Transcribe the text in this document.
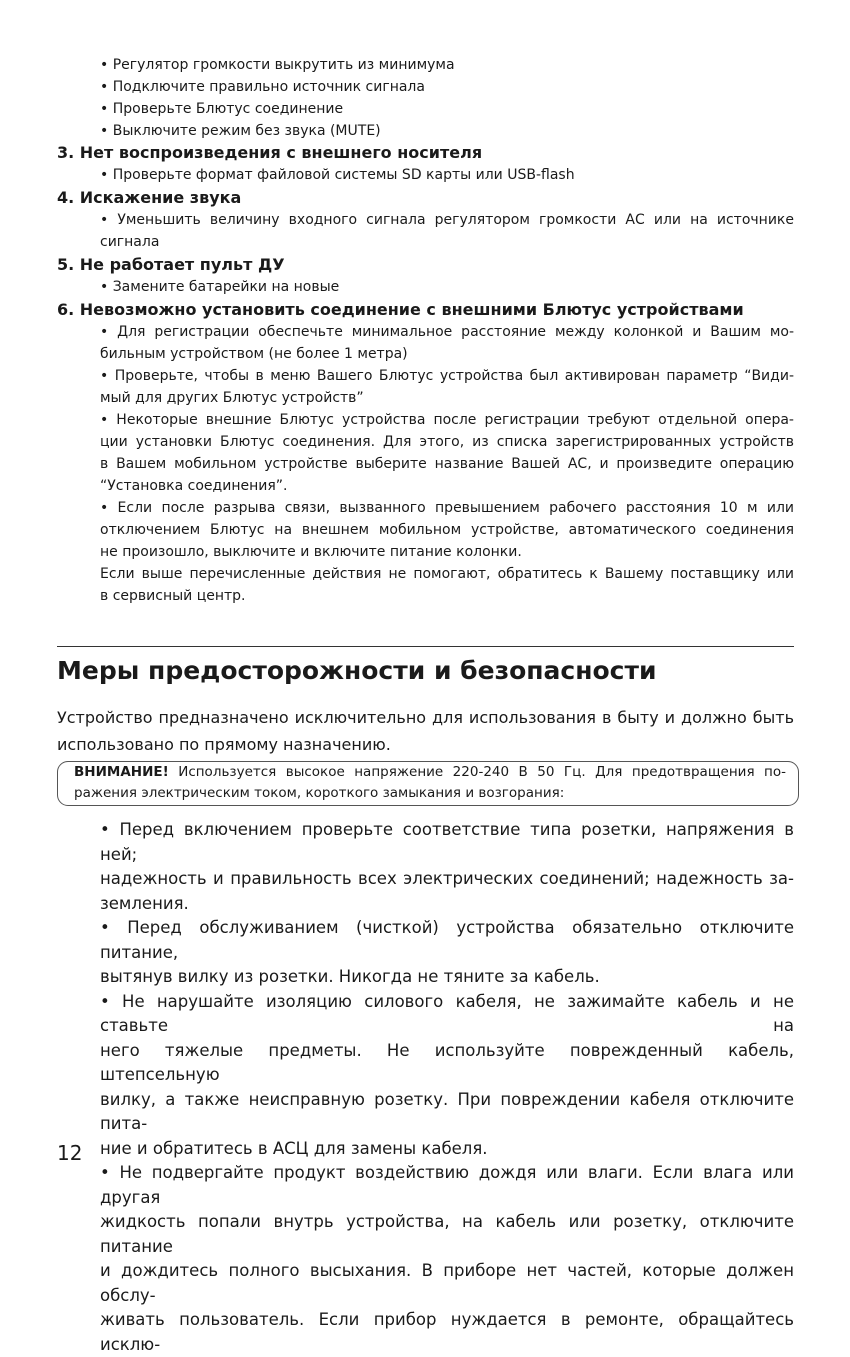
• Регулятор громкости выкрутить из минимума

• Подключите правильно источник сигнала

• Проверьте Блютус соединение

• Выключите режим без звука (MUTE)

3. Нет воспроизведения с внешнего носителя

• Проверьте формат файловой системы SD карты или USB-flash

4. Искажение звука

• Уменьшить величину входного сигнала регулятором громкости АС или на источнике

сигнала

5. Не работает пульт ДУ

• Замените батарейки на новые

6. Невозможно установить соединение с внешними Блютус устройствами

• Для регистрации обеспечьте минимальное расстояние между колонкой и Вашим мо-

бильным устройством (не более 1 метра)

• Проверьте, чтобы в меню Вашего Блютус устройства был активирован параметр “Види-

мый для других Блютус устройств”

• Некоторые внешние Блютус устройства после регистрации требуют отдельной опера-

ции установки Блютус соединения. Для этого, из списка зарегистрированных устройств

в Вашем мобильном устройстве выберите название Вашей АС, и произведите операцию

“Установка соединения”.

• Если после разрыва связи, вызванного превышением рабочего расстояния 10 м или

отключением Блютус на внешнем мобильном устройстве, автоматического соединения

не произошло, выключите и включите питание колонки.

Если выше перечисленные действия не помогают, обратитесь к Вашему поставщику или

в сервисный центр.

Меры предосторожности и безопасности
Устройство предназначено исключительно для использования в быту и должно быть
использовано по прямому назначению.

ВНИМАНИЕ! Используется высокое напряжение 220-240 В 50 Гц. Для предотвращения по-

ражения электрическим током, короткого замыкания и возгорания:

• Перед включением проверьте соответствие типа розетки, напряжения в ней;

надежность и правильность всех электрических соединений; надежность за-

земления.

• Перед обслуживанием (чисткой) устройства обязательно отключите питание,

вытянув вилку из розетки. Никогда не тяните за кабель.

• Не нарушайте изоляцию силового кабеля, не зажимайте кабель и не ставьте на

него тяжелые предметы. Не используйте поврежденный кабель, штепсельную

вилку, а также неисправную розетку. При повреждении кабеля отключите пита-

ние и обратитесь в АСЦ для замены кабеля.

• Не подвергайте продукт воздействию дождя или влаги. Если влага или другая

жидкость попали внутрь устройства, на кабель или розетку, отключите питание

и дождитесь полного высыхания. В приборе нет частей, которые должен обслу-

живать пользователь. Если прибор нуждается в ремонте, обращайтесь исклю-

12
